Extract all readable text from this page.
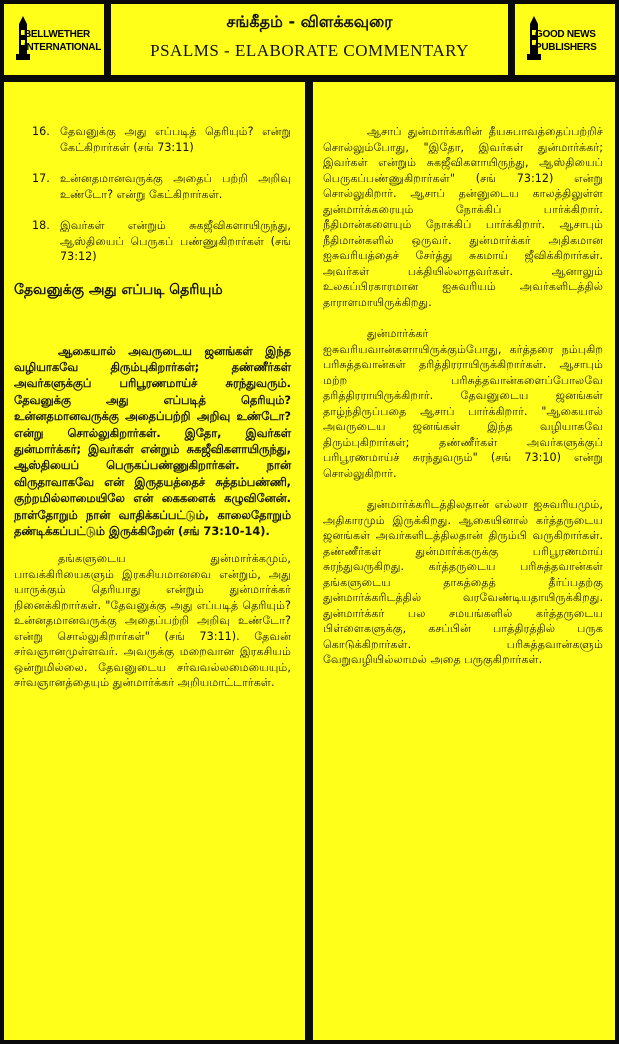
BELLWETHER
INTERNATIONAL
சங்கீதம் - விளக்கவுரை
PSALMS - ELABORATE COMMENTARY
GOOD NEWS
PUBLISHERS
16. தேவனுக்கு அது எப்படித் தெரியும்? என்று கேட்கிறார்கள் (சங் 73:11)
17. உன்னதமானவருக்கு அதைப் பற்றி அறிவு உண்டோ? என்று கேட்கிறார்கள்.
18. இவர்கள் என்றும் சுகஜீவிகளாயிருந்து, ஆஸ்தியைப் பெருகப் பண்ணுகிறார்கள் (சங் 73:12)
தேவனுக்கு அது எப்படி தெரியும்

ஆகையால் அவருடைய ஜனங்கள் இந்த வழியாகவே திரும்புகிறார்கள்; தண்ணீர்கள் அவர்களுக்குப் பரிபூரணமாய்ச் சுரந்துவரும். தேவனுக்கு அது எப்படித் தெரியும்? உன்னதமானவருக்கு அதைப்பற்றி அறிவு உண்டோ? என்று சொல்லுகிறார்கள். இதோ, இவர்கள் துன்மார்க்கர்; இவர்கள் என்றும் சுகஜீவிகளாயிருந்து, ஆஸ்தியைப் பெருகப்பண்ணுகிறார்கள். நான் விருதாவாகவே என் இருதயத்தைச் சுத்தம்பண்ணி, குற்றமில்லாமையிலே என் கைகளைக் கழுவினேன். நாள்தோறும் நான் வாதிக்கப்பட்டும், காலைதோறும் தண்டிக்கப்பட்டும் இருக்கிறேன் (சங் 73:10-14).

தங்களுடைய துன்மார்க்கமும், பாவக்கிரியைகளும் இரகசியமானவை என்றும், அது யாருக்கும் தெரியாது என்றும் துன்மார்க்கர் நினைக்கிறார்கள். "தேவனுக்கு அது எப்படித் தெரியும்? உன்னதமானவருக்கு அதைப்பற்றி அறிவு உண்டோ? என்று சொல்லுகிறார்கள்" (சங் 73:11). தேவன் சர்வஞானமுள்ளவர். அவருக்கு மறைவான இரகசியம் ஒன்றுமில்லை. தேவனுடைய சர்வவல்லமையையும், சர்வஞானத்தையும் துன்மார்க்கர் அறியமாட்டார்கள்.

ஆசாப் துன்மார்க்கரின் தீயசுபாவத்தைப்பற்றிச் சொல்லும்போது, "இதோ, இவர்கள் துன்மார்க்கர்; இவர்கள் என்றும் சுகஜீவிகளாயிருந்து, ஆஸ்தியைப் பெருகப்பண்ணுகிறார்கள்" (சங் 73:12) என்று சொல்லுகிறார். ஆசாப் தன்னுடைய காலத்திலுள்ள துன்மார்க்கரையும் நோக்கிப் பார்க்கிறார். நீதிமான்களையும் நோக்கிப் பார்க்கிறார். ஆசாபும் நீதிமான்களில் ஒருவர். துன்மார்க்கர் அதிகமான ஐசுவரியத்தைச் சேர்த்து சுகமாய் ஜீவிக்கிறார்கள். அவர்கள் பக்தியில்லாதவர்கள். ஆனாலும் உலகப்பிரகாரமான ஐசுவரியம் அவர்களிடத்தில் தாராளமாயிருக்கிறது.

துன்மார்க்கர் ஐசுவரியவான்களாயிருக்கும்போது, கர்த்தரை நம்புகிற பரிசுத்தவான்கள் தரித்திரராயிருக்கிறார்கள். ஆசாபும் மற்ற பரிசுத்தவான்களைப்போலவே தரித்திரராயிருக்கிறார். தேவனுடைய ஜனங்கள் தாழ்ந்திருப்பதை ஆசாப் பார்க்கிறார். "ஆகையால் அவருடைய ஜனங்கள் இந்த வழியாகவே திரும்புகிறார்கள்; தண்ணீர்கள் அவர்களுக்குப் பரிபூரணமாய்ச் சுரந்துவரும்" (சங் 73:10) என்று சொல்லுகிறார்.

துன்மார்க்கரிடத்திலதான் எல்லா ஐசுவரியமும், அதிகாரமும் இருக்கிறது. ஆகையினால் கர்த்தருடைய ஜனங்கள் அவர்களிடத்திலதான் திரும்பி வருகிறார்கள். தண்ணீர்கள் துன்மார்க்கருக்கு பரிபூரணமாய் சுரந்துவருகிறது. கர்த்தருடைய பரிசுத்தவான்கள் தங்களுடைய தாகத்தைத் தீர்ப்பதற்கு துன்மார்க்கரிடத்தில் வரவேண்டியதாயிருக்கிறது. துன்மார்க்கர் பல சமயங்களில் கர்த்தருடைய பிள்ளைகளுக்கு, கசப்பின் பாத்திரத்தில் பருக கொடுக்கிறார்கள். பரிசுத்தவான்களும் வேறுவழியில்லாமல் அதை பருகுகிறார்கள்.
